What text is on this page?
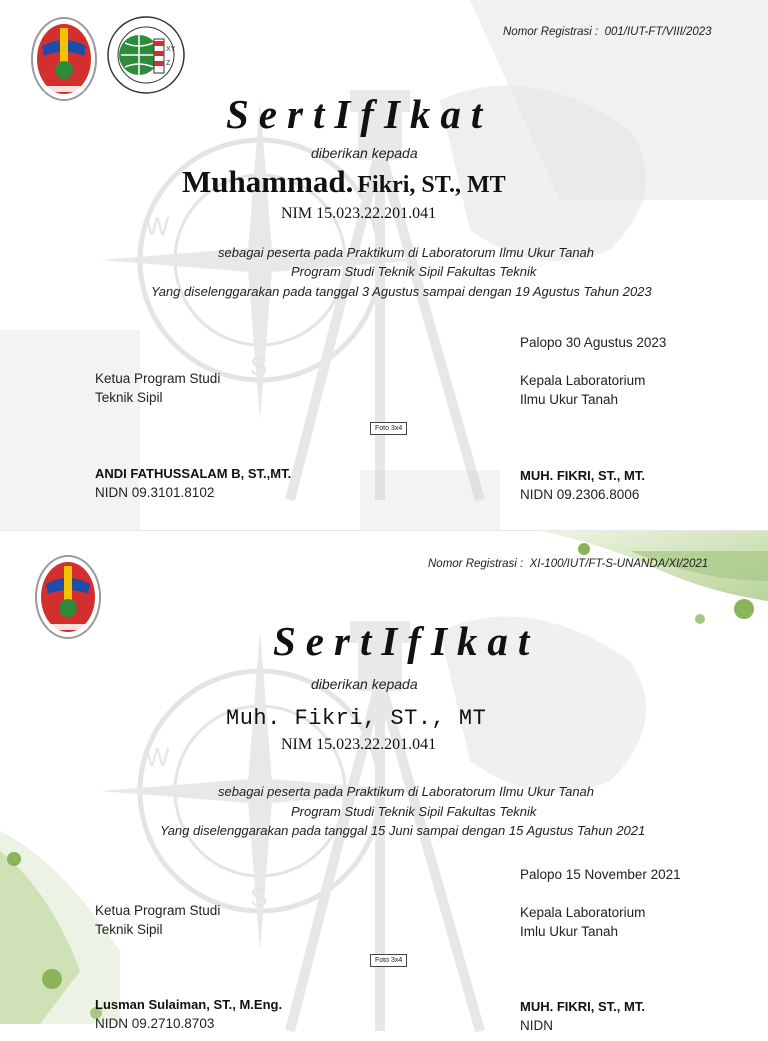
W
S
XY
Z
Nomor Registrasi : 001/IUT-FT/VIII/2023
SertIfIkat
diberikan kepada
Muhammad. Fikri, ST., MT
NIM 15.023.22.201.041
sebagai peserta pada Praktikum di Laboratorum Ilmu Ukur Tanah
Program Studi Teknik Sipil Fakultas Teknik
Yang diselenggarakan pada tanggal 3 Agustus sampai dengan 19 Agustus Tahun 2023
Palopo 30 Agustus 2023
Ketua Program Studi
Teknik Sipil
Kepala Laboratorium
Ilmu Ukur Tanah
Foto 3x4
ANDI FATHUSSALAM B, ST.,MT.
NIDN 09.3101.8102
MUH. FIKRI, ST., MT.
NIDN 09.2306.8006
W
S
Nomor Registrasi : XI-100/IUT/FT-S-UNANDA/XI/2021
SertIfIkat
diberikan kepada
Muh. Fikri, ST., MT
NIM 15.023.22.201.041
sebagai peserta pada Praktikum di Laboratorum Ilmu Ukur Tanah
Program Studi Teknik Sipil Fakultas Teknik
Yang diselenggarakan pada tanggal 15 Juni sampai dengan 15 Agustus Tahun 2021
Palopo 15 November 2021
Ketua Program Studi
Teknik Sipil
Kepala Laboratorium
Imlu Ukur Tanah
Foto 3x4
Lusman Sulaiman, ST., M.Eng.
NIDN 09.2710.8703
MUH. FIKRI, ST., MT.
NIDN
